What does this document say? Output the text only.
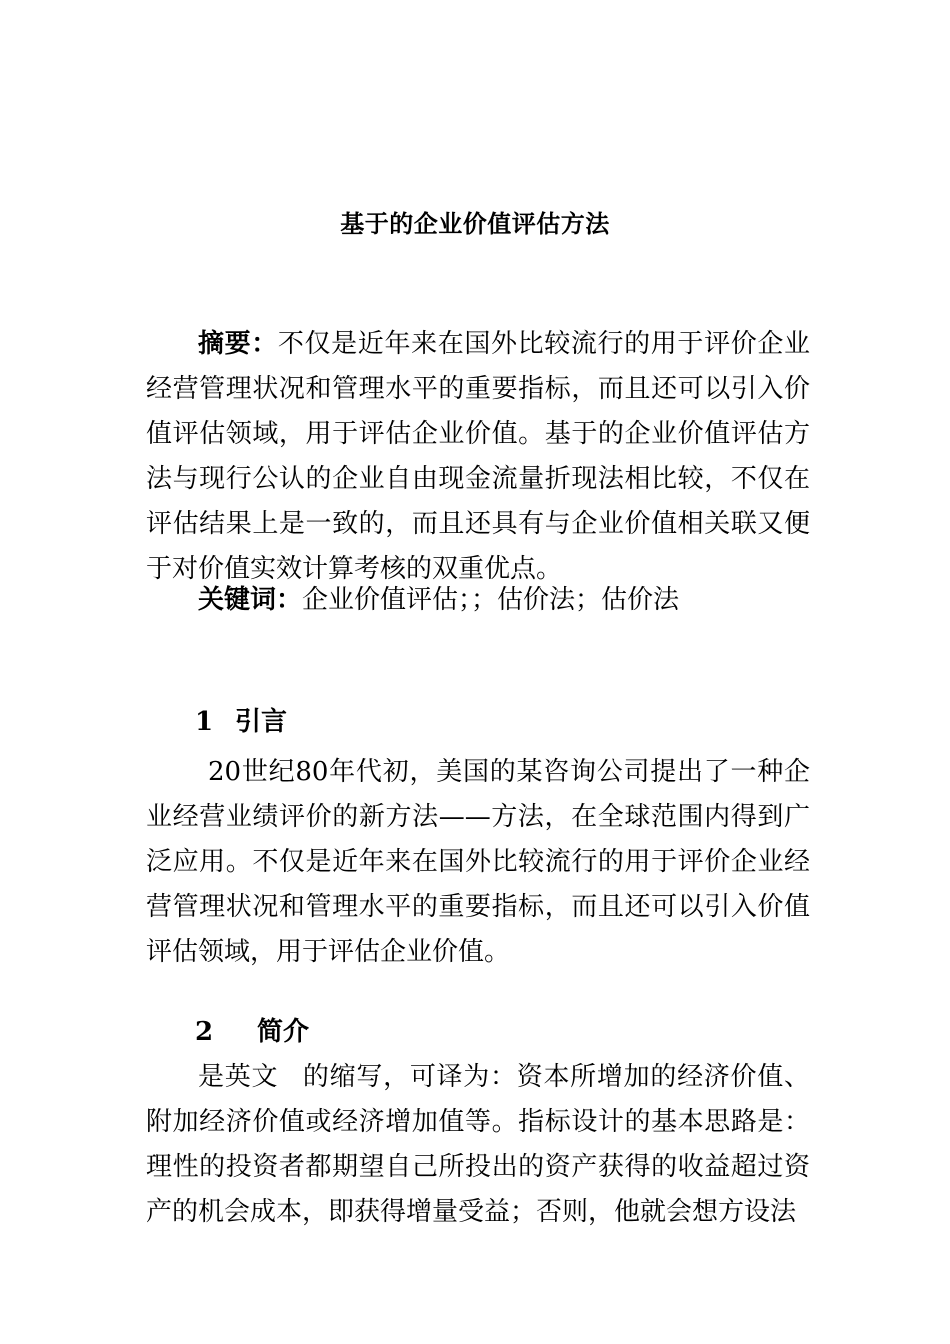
基于的企业价值评估方法
摘要：不仅是近年来在国外比较流行的用于评价企业经营管理状况和管理水平的重要指标，而且还可以引入价值评估领域，用于评估企业价值。基于的企业价值评估方法与现行公认的企业自由现金流量折现法相比较，不仅在评估结果上是一致的，而且还具有与企业价值相关联又便于对价值实效计算考核的双重优点。
关键词：企业价值评估；；估价法；估价法
1 引言
20世纪80年代初，美国的某咨询公司提出了一种企业经营业绩评价的新方法——方法，在全球范围内得到广泛应用。不仅是近年来在国外比较流行的用于评价企业经营管理状况和管理水平的重要指标，而且还可以引入价值评估领域，用于评估企业价值。
2 简介
是英文 的缩写，可译为：资本所增加的经济价值、附加经济价值或经济增加值等。指标设计的基本思路是：理性的投资者都期望自己所投出的资产获得的收益超过资产的机会成本，即获得增量受益；否则，他就会想方设法
